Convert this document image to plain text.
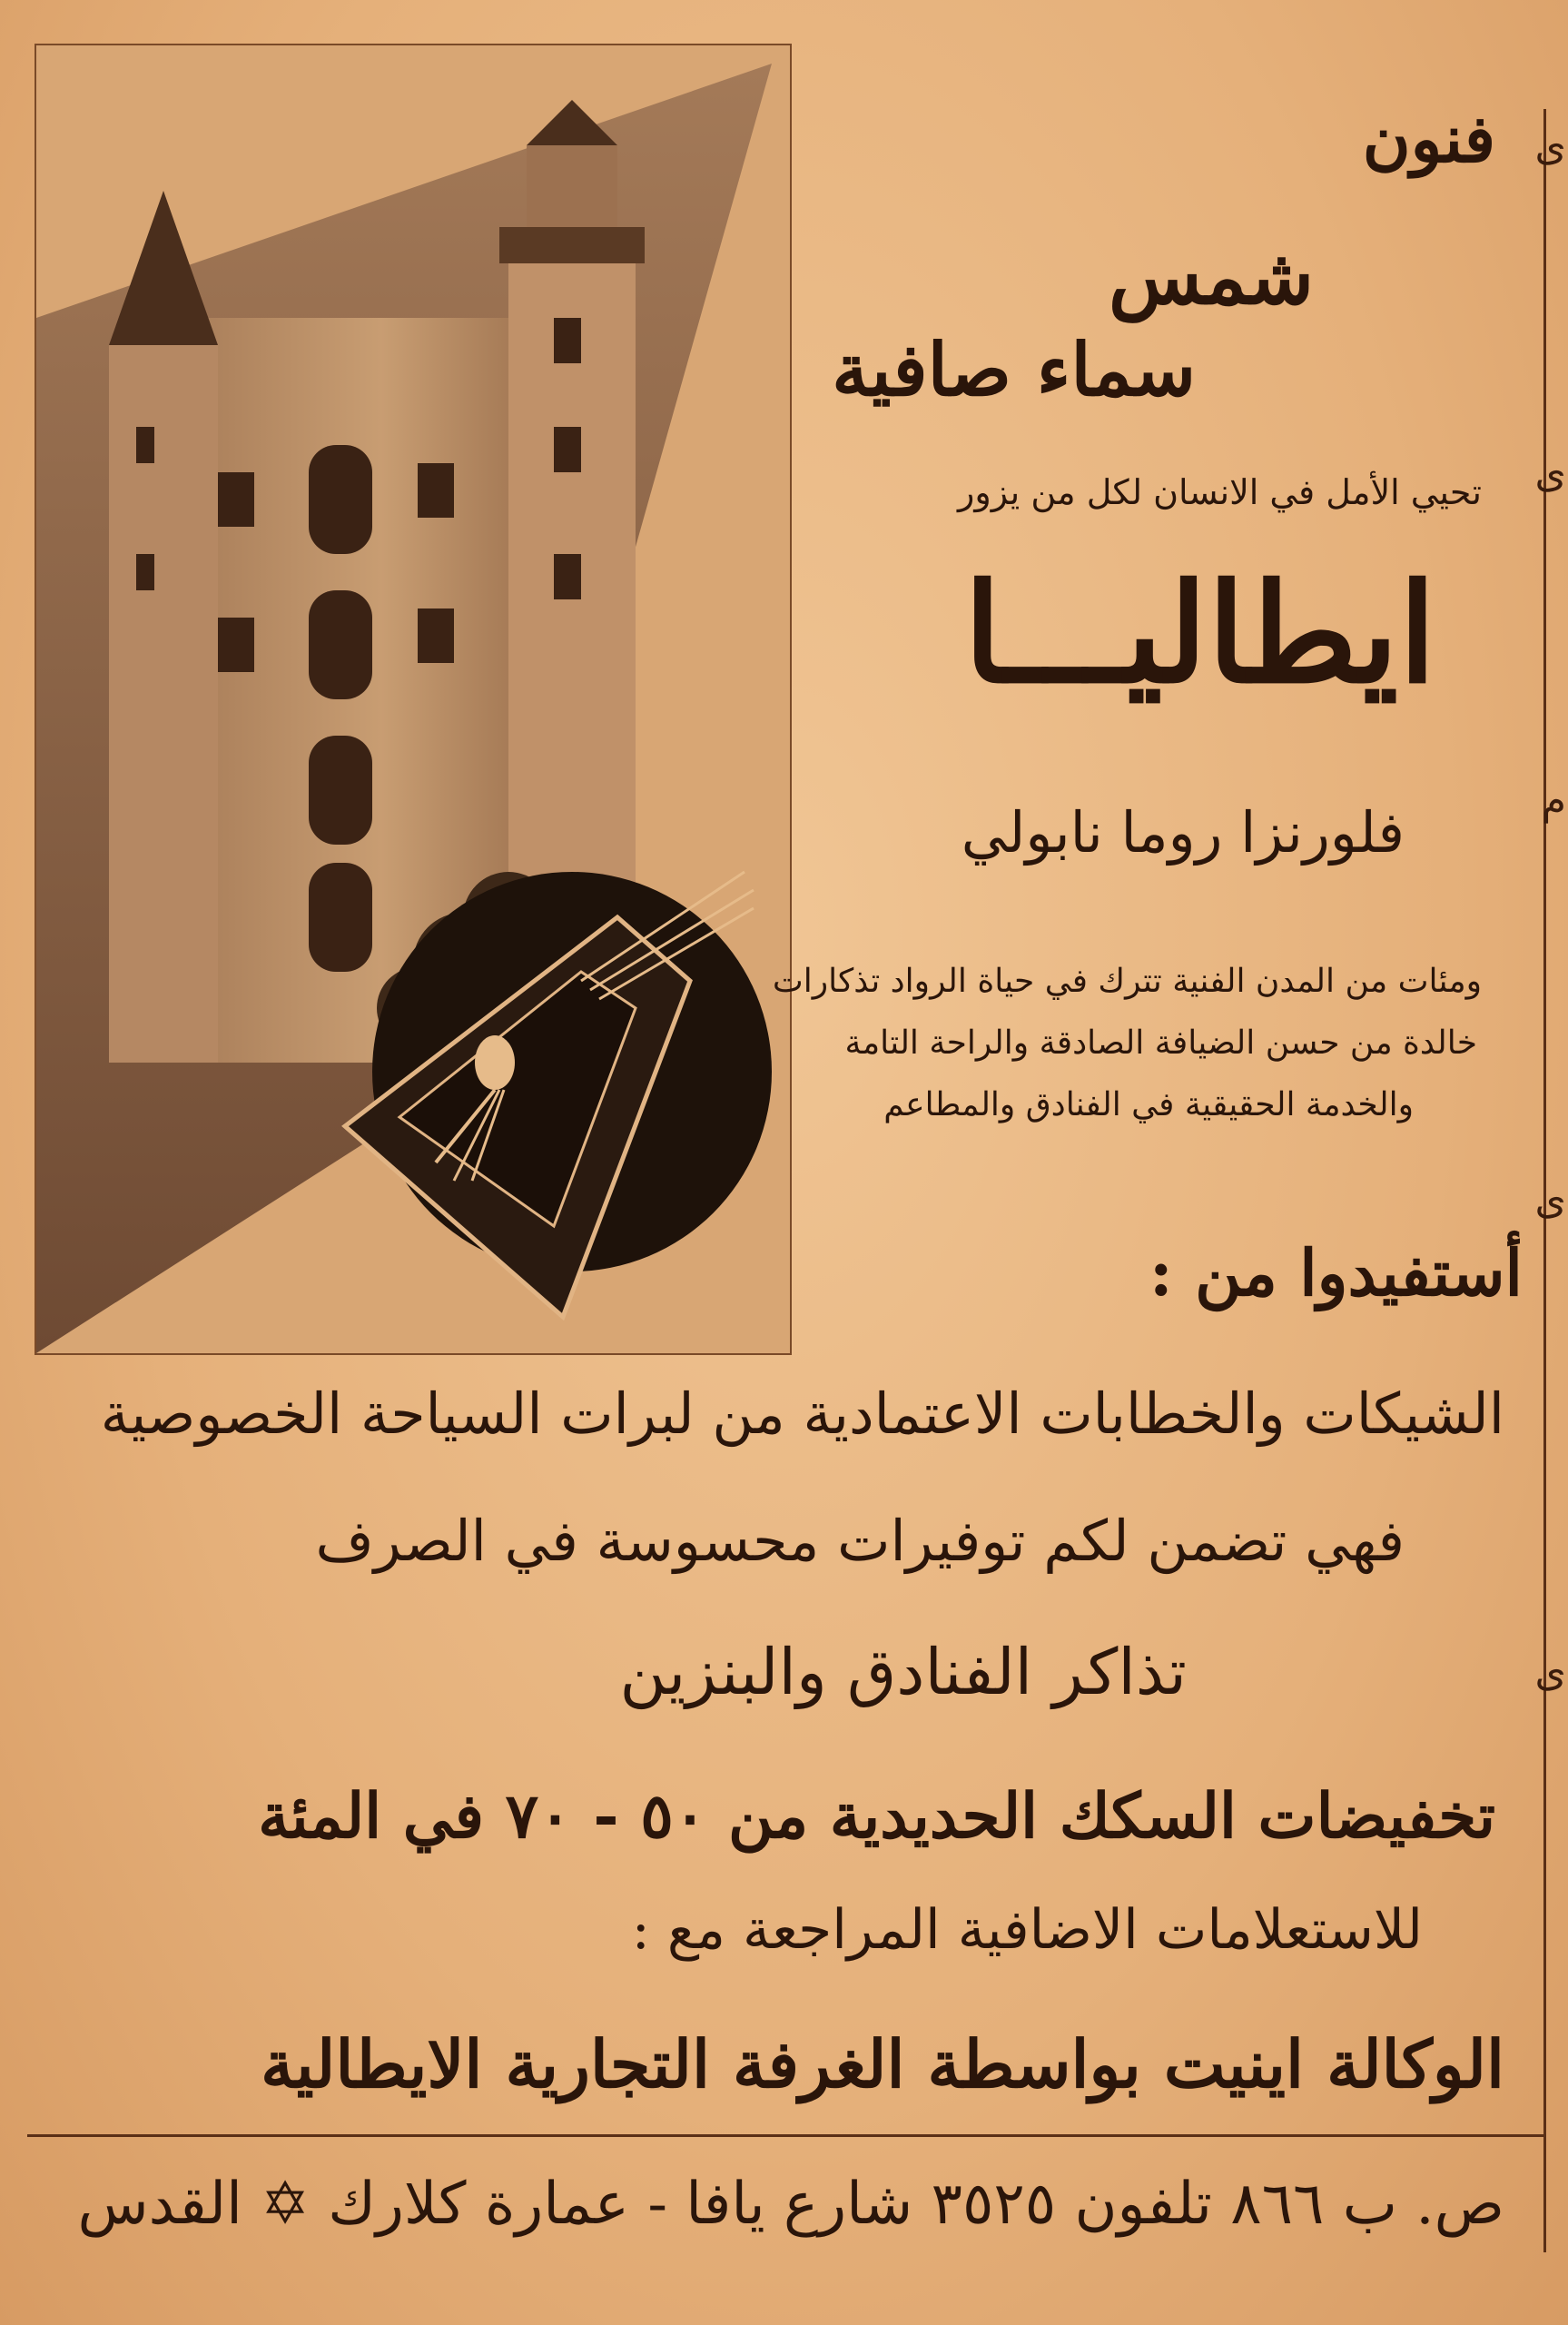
ى
ى
م
ى
ى
فنون
شمس
سماء صافية
تحيي الأمل في الانسان لكل من يزور
ايطاليـــا
فلورنزا روما نابولي
ومئات من المدن الفنية تترك في حياة الرواد تذكارات
خالدة من حسن الضيافة الصادقة والراحة التامة
والخدمة الحقيقية في الفنادق والمطاعم
أستفيدوا من :
الشيكات والخطابات الاعتمادية من لبرات السياحة الخصوصية
فهي تضمن لكم توفيرات محسوسة في الصرف
تذاكر الفنادق والبنزين
تخفيضات السكك الحديدية من ٥٠ - ٧٠ في المئة
للاستعلامات الاضافية المراجعة مع :
الوكالة اينيت بواسطة الغرفة التجارية الايطالية
ص. ب ٨٦٦ تلفون ٣٥٢٥ شارع يافا - عمارة كلارك ✡ القدس
